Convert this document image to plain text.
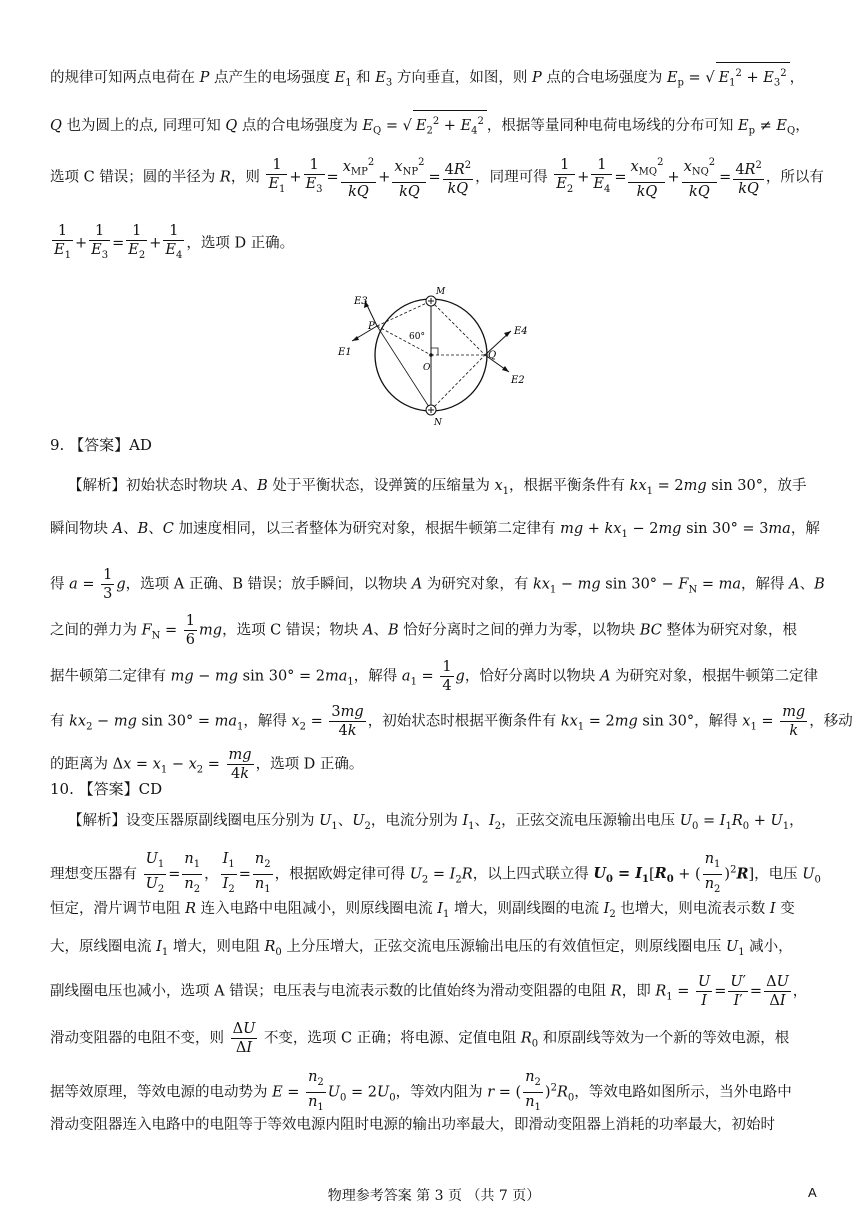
的规律可知两点电荷在 P 点产生的电场强度 $E_1$ 和 $E_3$ 方向垂直，如图，则 P 点的合电场强度为 $E_p$ = √ $E_1^2 + E_3^2$ ，
Q 也为圆上的点, 同理可知 Q 点的合电场强度为 $E_Q$ = √ $E_2^2 + E_4^2$ ，根据等量同种电荷电场线的分布可知 $E_p \ne E_Q$，
选项 C 错误；圆的半径为 R，则 $\frac{1}{E_1} + \frac{1}{E_3} = \frac{x_{MP}^2}{kQ} + \frac{x_{NP}^2}{kQ} = \frac{4R^2}{kQ}$ ，同理可得 $\frac{1}{E_2} + \frac{1}{E_4} = \frac{x_{MQ}^2}{kQ} + \frac{x_{NQ}^2}{kQ} = \frac{4R^2}{kQ}$ ，所以有
$\frac{1}{E_1} + \frac{1}{E_3} = \frac{1}{E_2} + \frac{1}{E_4}$ ，选项 D 正确。
E3
E1
P
M
60°
O
Q
E4
E2
N
9. 【答案】AD
【解析】初始状态时物块 A、B 处于平衡状态，设弹簧的压缩量为 $x_1$，根据平衡条件有 $kx_1 = 2mg$ sin 30°，放手
瞬间物块 A、B、C 加速度相同，以三者整体为研究对象，根据牛顿第二定律有 mg + $kx_1 - 2mg$ sin 30° = 3ma，解
得 $a = \frac{1}{3}$ g，选项 A 正确、B 错误；放手瞬间，以物块 A 为研究对象，有 $kx_1$ − mg $\sin 30^\circ - F_N$ = ma，解得 A、B
之间的弹力为 $F_N = \frac{1}{6}$ mg，选项 C 错误；物块 A、B 恰好分离时之间的弹力为零，以物块 BC 整体为研究对象，根
据牛顿第二定律有 mg − mg $\sin 30^\circ = 2ma_1$，解得 $a_1 = \frac{1}{4}$ g，恰好分离时以物块 A 为研究对象，根据牛顿第二定律
有 $kx_2$ − mg $\sin 30^\circ = ma_1$，解得 $x_2 = \frac{3mg}{4k}$ ，初始状态时根据平衡条件有 $kx_1 = 2mg$ sin 30°，解得 $x_1 = \frac{mg}{k}$ ，移动
的距离为 $\Delta x = x_1 - x_2 = \frac{mg}{4k}$ ，选项 D 正确。
10. 【答案】CD
【解析】设变压器原副线圈电压分别为 $U_1$、$U_2$，电流分别为 $I_1$、$I_2$，正弦交流电压源输出电压 $U_0 = I_1R_0 + U_1$，
理想变压器有 $\frac{U_1}{U_2} = \frac{n_1}{n_2}$ ， $\frac{I_1}{I_2} = \frac{n_2}{n_1}$ ，根据欧姆定律可得 $U_2 = I_2R$，以上四式联立得 $U_0 = I_1[R_0$ + ( $\frac{n_1}{n_2} )^2R$]，电压 $U_0$
恒定，滑片调节电阻 R 连入电路中电阻减小，则原线圈电流 $I_1$ 增大，则副线圈的电流 $I_2$ 也增大，则电流表示数 I 变
大，原线圈电流 $I_1$ 增大，则电阻 $R_0$ 上分压增大，正弦交流电压源输出电压的有效值恒定，则原线圈电压 $U_1$ 减小，
副线圈电压也减小，选项 A 错误；电压表与电流表示数的比值始终为滑动变阻器的电阻 R，即 $R_1 = \frac{U}{I} = \frac{U'}{I'} = \frac{\Delta U}{\Delta I}$ ，
滑动变阻器的电阻不变，则 $\frac{\Delta U}{\Delta I}$ 不变，选项 C 正确；将电源、定值电阻 $R_0$ 和原副线等效为一个新的等效电源，根
据等效原理，等效电源的电动势为 $E = \frac{n_2}{n_1} U_0 = 2U_0$，等效内阻为 r = ( $\frac{n_2}{n_1} )^2R_0$，等效电路如图所示，当外电路中
滑动变阻器连入电路中的电阻等于等效电源内阻时电源的输出功率最大，即滑动变阻器上消耗的功率最大，初始时
物理参考答案 第 3 页 （共 7 页）	A
